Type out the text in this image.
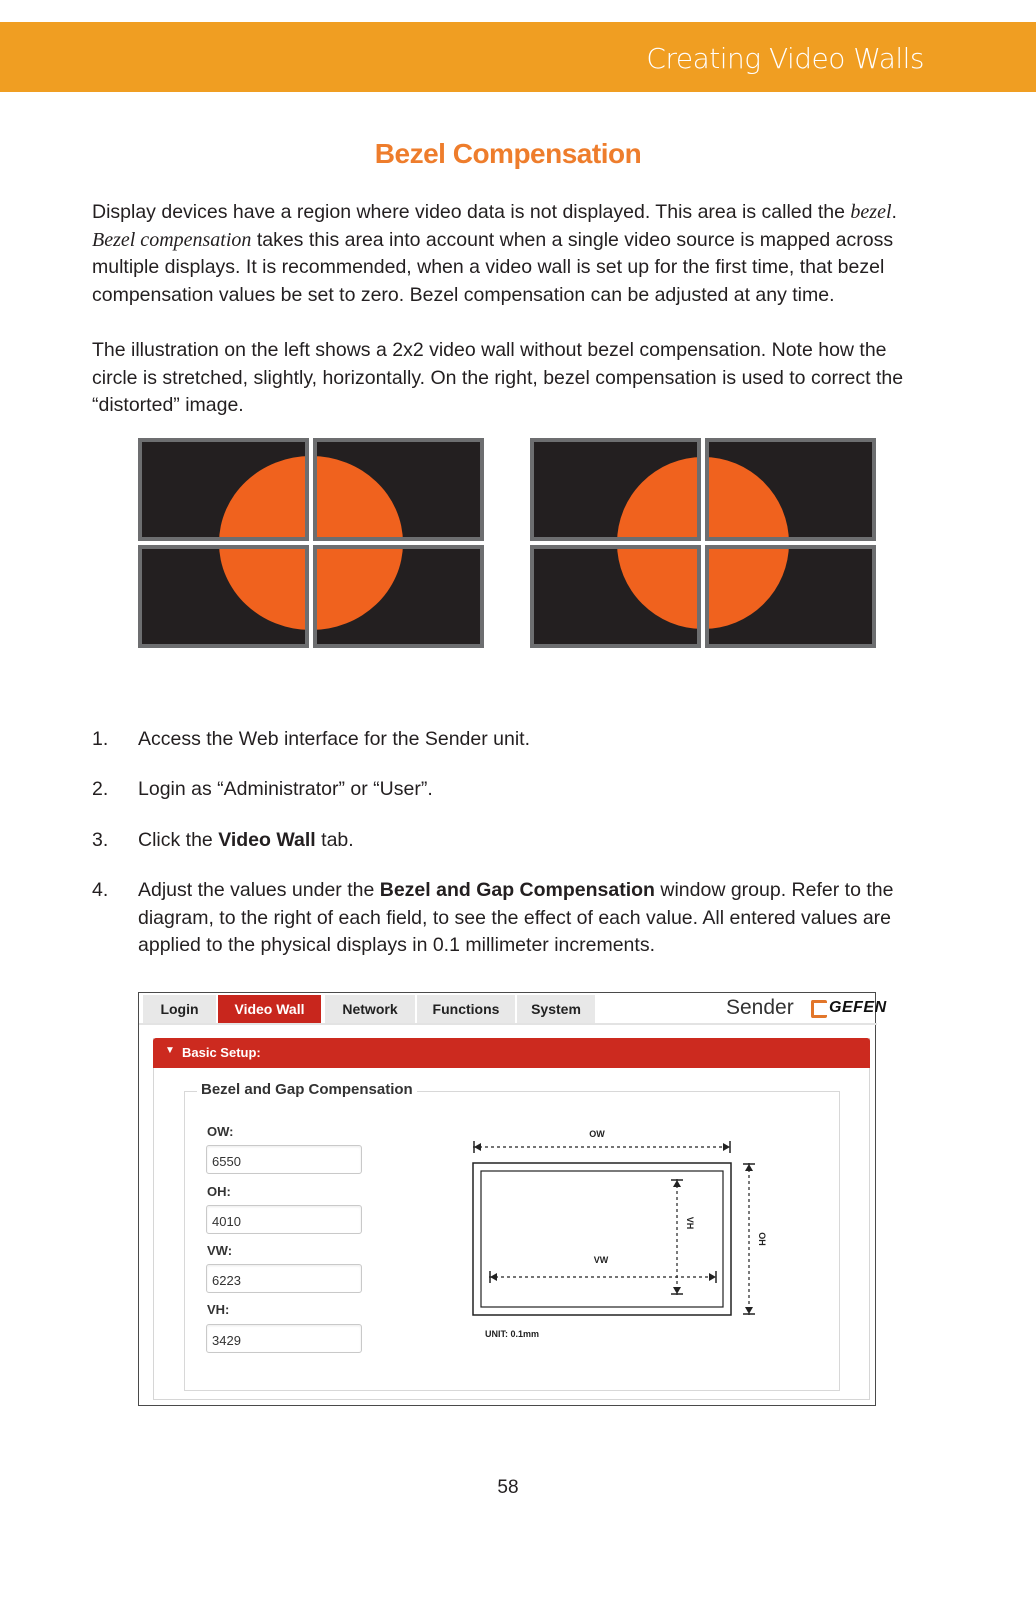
Creating Video Walls
Bezel Compensation
Display devices have a region where video data is not displayed. This area is called the bezel.
Bezel compensation takes this area into account when a single video source is mapped across multiple displays. It is recommended, when a video wall is set up for the first time, that bezel compensation values be set to zero. Bezel compensation can be adjusted at any time.
The illustration on the left shows a 2x2 video wall without bezel compensation. Note how the circle is stretched, slightly, horizontally. On the right, bezel compensation is used to correct the “distorted” image.
1. Access the Web interface for the Sender unit.
2. Login as “Administrator” or “User”.
3. Click the Video Wall tab.
4. Adjust the values under the Bezel and Gap Compensation window group. Refer to the diagram, to the right of each field, to see the effect of each value. All entered values are applied to the physical displays in 0.1 millimeter increments.
Login	Video Wall	Network	Functions	System	Sender GEFEN
▼ Basic Setup:
Bezel and Gap Compensation
OW:
6550
OH:
4010
VW:
6223
VH:
3429
OW
VW
VH
OH
UNIT: 0.1mm
58
